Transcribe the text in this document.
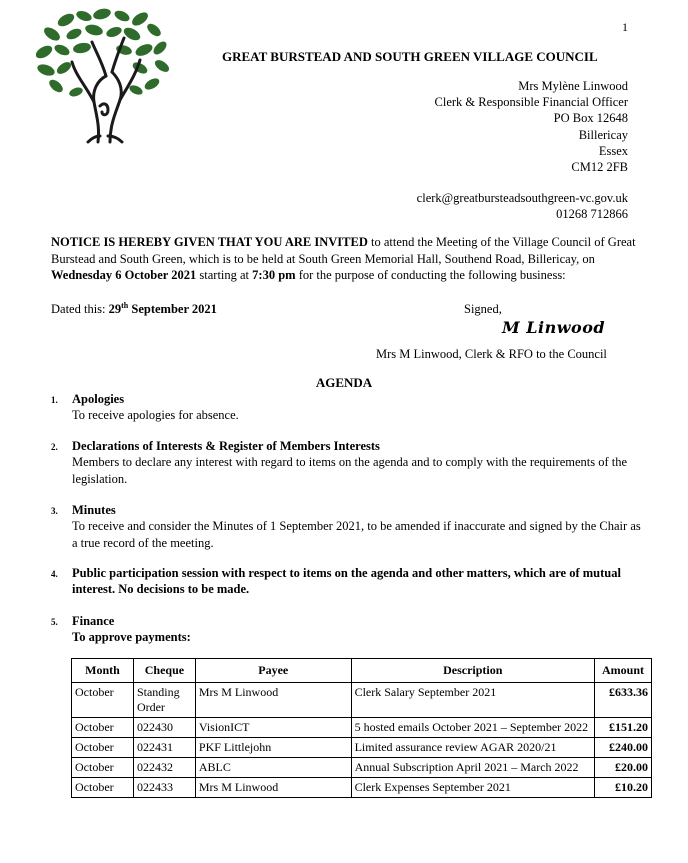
1
GREAT BURSTEAD AND SOUTH GREEN VILLAGE COUNCIL
Mrs Mylène Linwood
Clerk & Responsible Financial Officer
PO Box 12648
Billericay
Essex
CM12 2FB
clerk@greatbursteadsouthgreen-vc.gov.uk
01268 712866
NOTICE IS HEREBY GIVEN THAT YOU ARE INVITED to attend the Meeting of the Village Council of Great Burstead and South Green, which is to be held at South Green Memorial Hall, Southend Road, Billericay, on Wednesday 6 October 2021 starting at 7:30 pm for the purpose of conducting the following business:
Dated this: 29th September 2021	Signed,
M Linwood
Mrs M Linwood, Clerk & RFO to the Council
AGENDA
1. Apologies
To receive apologies for absence.
2. Declarations of Interests & Register of Members Interests
Members to declare any interest with regard to items on the agenda and to comply with the requirements of the legislation.
3. Minutes
To receive and consider the Minutes of 1 September 2021, to be amended if inaccurate and signed by the Chair as a true record of the meeting.
4. Public participation session with respect to items on the agenda and other matters, which are of mutual interest. No decisions to be made.
5. Finance
To approve payments:
Month	Cheque	Payee	Description	Amount
October	Standing Order	Mrs M Linwood	Clerk Salary September 2021	£633.36
October	022430	VisionICT	5 hosted emails October 2021 – September 2022	£151.20
October	022431	PKF Littlejohn	Limited assurance review AGAR 2020/21	£240.00
October	022432	ABLC	Annual Subscription April 2021 – March 2022	£20.00
October	022433	Mrs M Linwood	Clerk Expenses September 2021	£10.20
